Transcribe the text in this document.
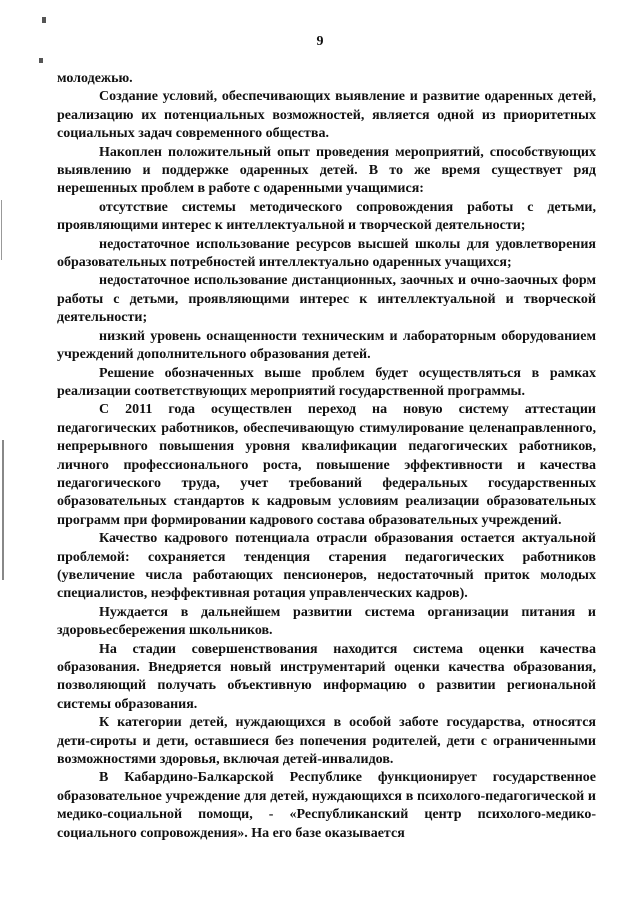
9

молодежью.

Создание условий, обеспечивающих выявление и развитие одаренных детей, реализацию их потенциальных возможностей, является одной из приоритетных социальных задач современного общества.

Накоплен положительный опыт проведения мероприятий, способствующих выявлению и поддержке одаренных детей. В то же время существует ряд нерешенных проблем в работе с одаренными учащимися:

отсутствие системы методического сопровождения работы с детьми, проявляющими интерес к интеллектуальной и творческой деятельности;

недостаточное использование ресурсов высшей школы для удовлетворения образовательных потребностей интеллектуально одаренных учащихся;

недостаточное использование дистанционных, заочных и очно-заочных форм работы с детьми, проявляющими интерес к интеллектуальной и творческой деятельности;

низкий уровень оснащенности техническим и лабораторным оборудованием учреждений дополнительного образования детей.

Решение обозначенных выше проблем будет осуществляться в рамках реализации соответствующих мероприятий государственной программы.

С 2011 года осуществлен переход на новую систему аттестации педагогических работников, обеспечивающую стимулирование целенаправленного, непрерывного повышения уровня квалификации педагогических работников, личного профессионального роста, повышение эффективности и качества педагогического труда, учет требований федеральных государственных образовательных стандартов к кадровым условиям реализации образовательных программ при формировании кадрового состава образовательных учреждений.

Качество кадрового потенциала отрасли образования остается актуальной проблемой: сохраняется тенденция старения педагогических работников (увеличение числа работающих пенсионеров, недостаточный приток молодых специалистов, неэффективная ротация управленческих кадров).

Нуждается в дальнейшем развитии система организации питания и здоровьесбережения школьников.

На стадии совершенствования находится система оценки качества образования. Внедряется новый инструментарий оценки качества образования, позволяющий получать объективную информацию о развитии региональной системы образования.

К категории детей, нуждающихся в особой заботе государства, относятся дети-сироты и дети, оставшиеся без попечения родителей, дети с ограниченными возможностями здоровья, включая детей-инвалидов.

В Кабардино-Балкарской Республике функционирует государственное образовательное учреждение для детей, нуждающихся в психолого-педагогической и медико-социальной помощи, - «Республиканский центр психолого-медико-социального сопровождения». На его базе оказывается
